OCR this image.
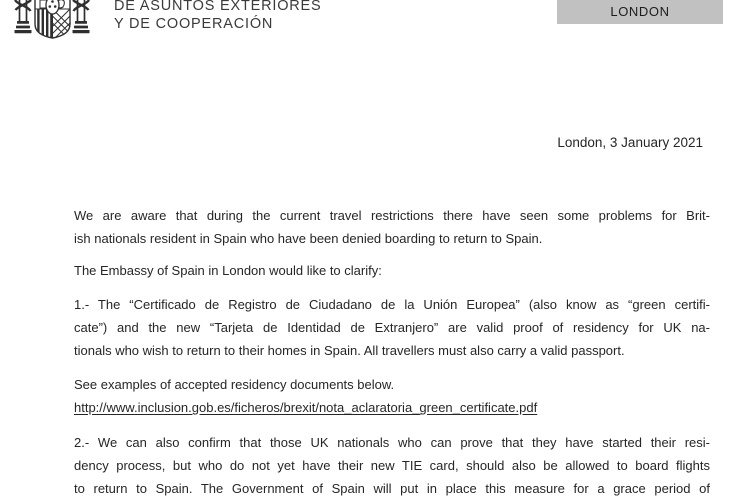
DE ASUNTOS EXTERIORES
Y DE COOPERACIÓN
LONDON
London, 3 January 2021
We are aware that during the current travel restrictions there have seen some problems for Brit-
ish nationals resident in Spain who have been denied boarding to return to Spain.
The Embassy of Spain in London would like to clarify:
1.- The “Certificado de Registro de Ciudadano de la Unión Europea” (also know as “green certifi-
cate”) and the new “Tarjeta de Identidad de Extranjero” are valid proof of residency for UK na-
tionals who wish to return to their homes in Spain. All travellers must also carry a valid passport.
See examples of accepted residency documents below.
http://www.inclusion.gob.es/ficheros/brexit/nota_aclaratoria_green_certificate.pdf
2.- We can also confirm that those UK nationals who can prove that they have started their resi-
dency process, but who do not yet have their new TIE card, should also be allowed to board flights
to return to Spain. The Government of Spain will put in place this measure for a grace period of
